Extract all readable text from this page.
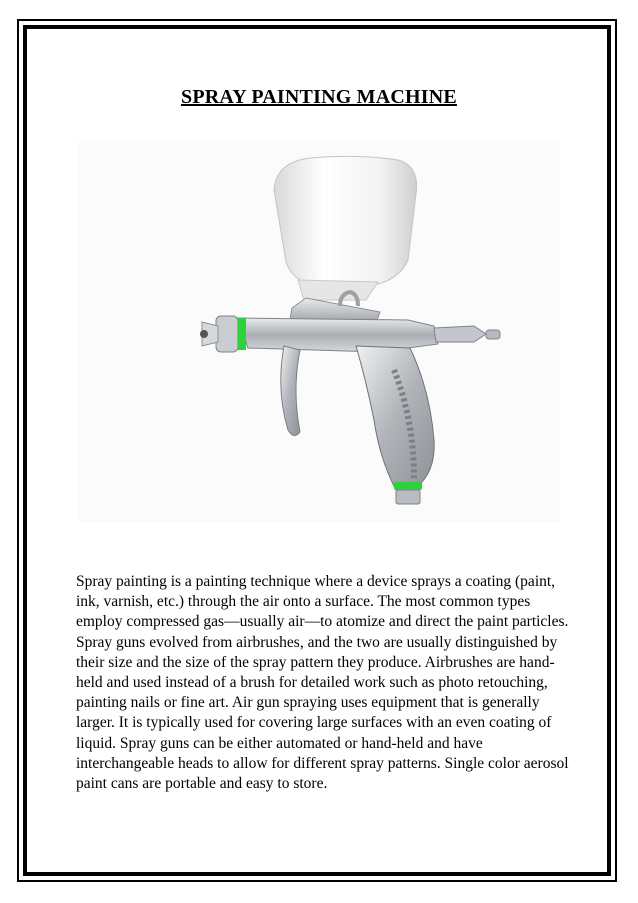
SPRAY PAINTING MACHINE

Spray painting is a painting technique where a device sprays a coating (paint, ink, varnish, etc.) through the air onto a surface. The most common types employ compressed gas—usually air—to atomize and direct the paint particles. Spray guns evolved from airbrushes, and the two are usually distinguished by their size and the size of the spray pattern they produce. Airbrushes are hand-held and used instead of a brush for detailed work such as photo retouching, painting nails or fine art. Air gun spraying uses equipment that is generally larger. It is typically used for covering large surfaces with an even coating of liquid. Spray guns can be either automated or hand-held and have interchangeable heads to allow for different spray patterns. Single color aerosol paint cans are portable and easy to store.
